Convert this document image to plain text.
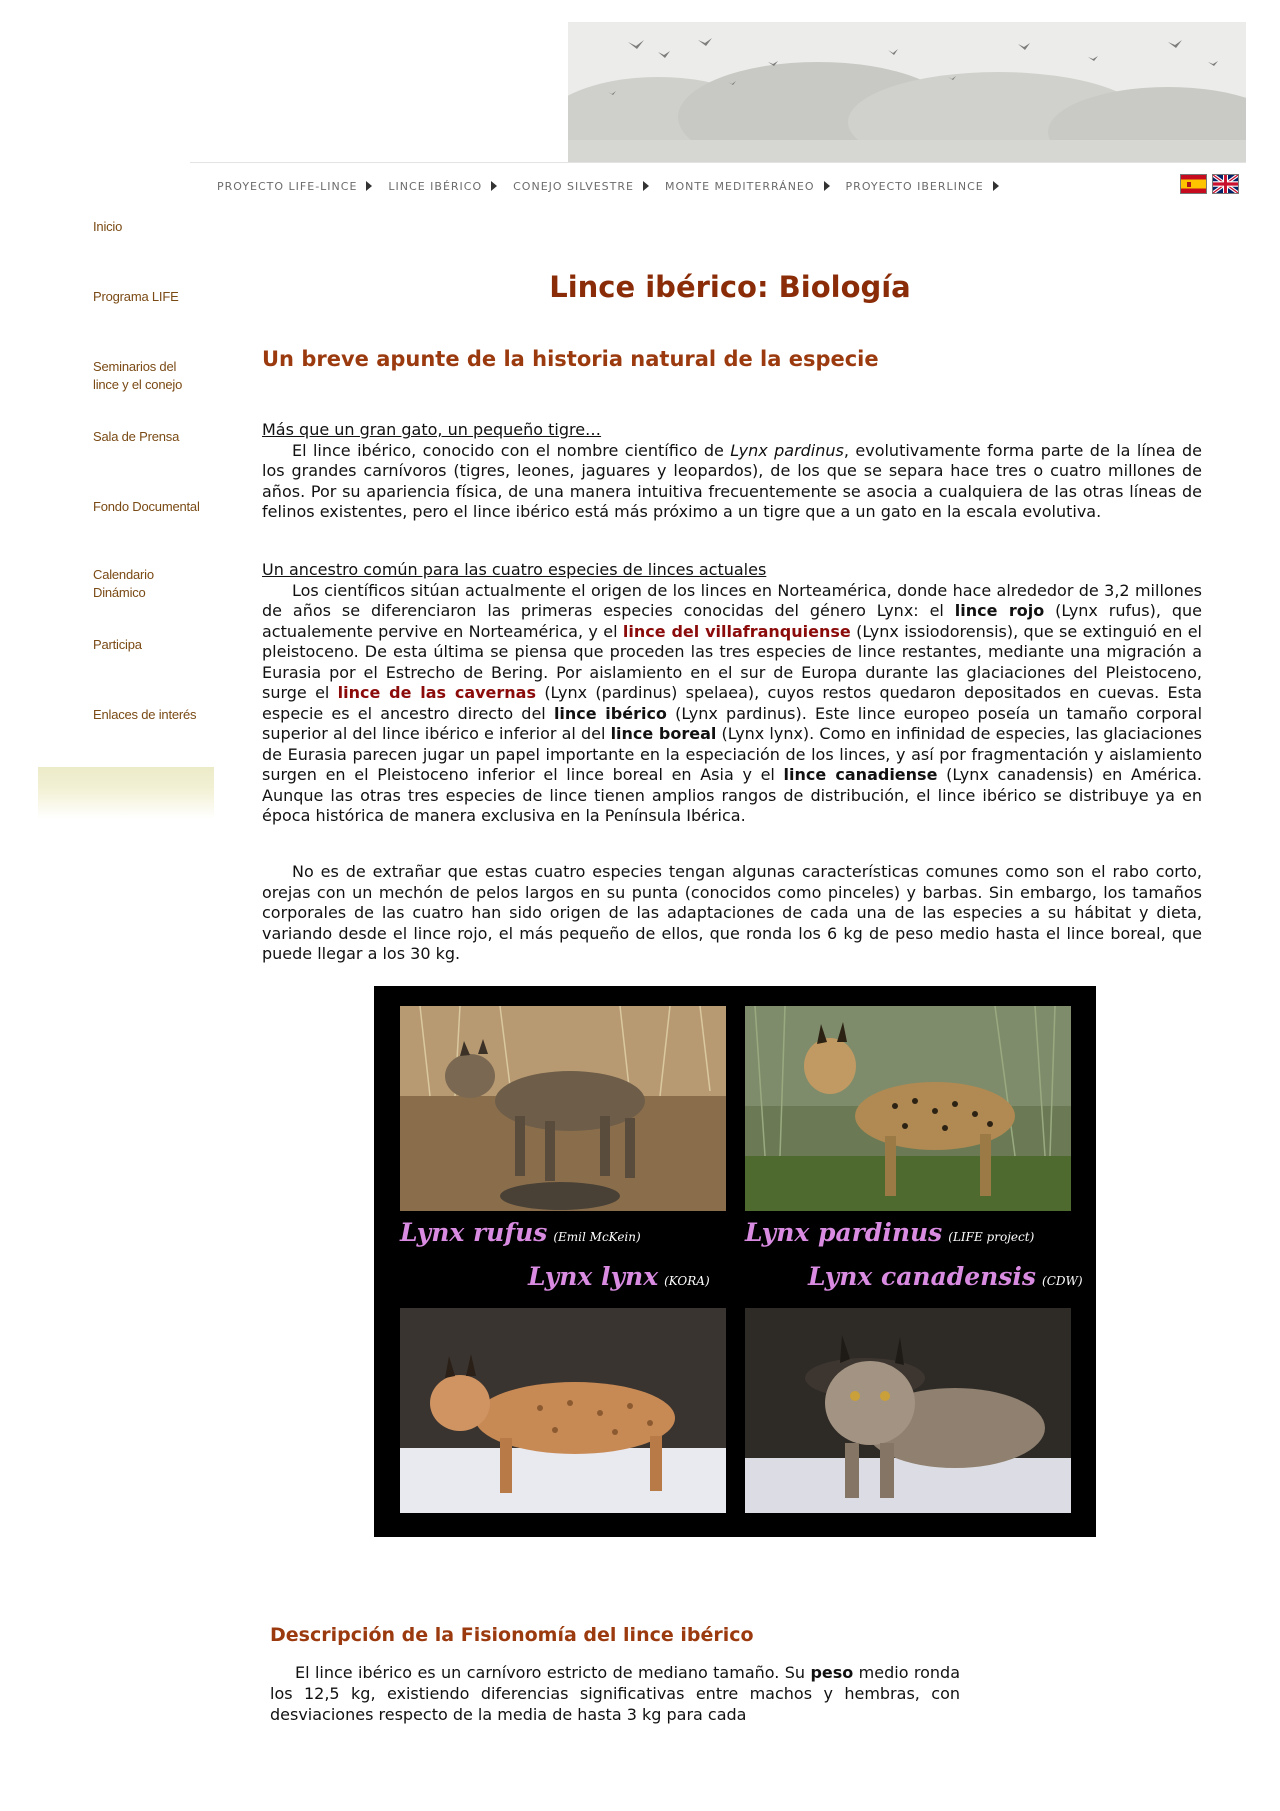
PROYECTO LIFE-LINCE	LINCE IBÉRICO	CONEJO SILVESTRE	MONTE MEDITERRÁNEO	PROYECTO IBERLINCE
Inicio
Programa LIFE
Seminarios del lince y el conejo
Sala de Prensa
Fondo Documental
Calendario Dinámico
Participa
Enlaces de interés
Lince ibérico: Biología
Un breve apunte de la historia natural de la especie
Más que un gran gato, un pequeño tigre…

El lince ibérico, conocido con el nombre científico de Lynx pardinus, evolutivamente forma parte de la línea de los grandes carnívoros (tigres, leones, jaguares y leopardos), de los que se separa hace tres o cuatro millones de años. Por su apariencia física, de una manera intuitiva frecuentemente se asocia a cualquiera de las otras líneas de felinos existentes, pero el lince ibérico está más próximo a un tigre que a un gato en la escala evolutiva.

Un ancestro común para las cuatro especies de linces actuales

Los científicos sitúan actualmente el origen de los linces en Norteamérica, donde hace alrededor de 3,2 millones de años se diferenciaron las primeras especies conocidas del género Lynx: el lince rojo (Lynx rufus), que actualemente pervive en Norteamérica, y el lince del villafranquiense (Lynx issiodorensis), que se extinguió en el pleistoceno. De esta última se piensa que proceden las tres especies de lince restantes, mediante una migración a Eurasia por el Estrecho de Bering. Por aislamiento en el sur de Europa durante las glaciaciones del Pleistoceno, surge el lince de las cavernas (Lynx (pardinus) spelaea), cuyos restos quedaron depositados en cuevas. Esta especie es el ancestro directo del lince ibérico (Lynx pardinus). Este lince europeo poseía un tamaño corporal superior al del lince ibérico e inferior al del lince boreal (Lynx lynx). Como en infinidad de especies, las glaciaciones de Eurasia parecen jugar un papel importante en la especiación de los linces, y así por fragmentación y aislamiento surgen en el Pleistoceno inferior el lince boreal en Asia y el lince canadiense (Lynx canadensis) en América. Aunque las otras tres especies de lince tienen amplios rangos de distribución, el lince ibérico se distribuye ya en época histórica de manera exclusiva en la Península Ibérica.

No es de extrañar que estas cuatro especies tengan algunas características comunes como son el rabo corto, orejas con un mechón de pelos largos en su punta (conocidos como pinceles) y barbas. Sin embargo, los tamaños corporales de las cuatro han sido origen de las adaptaciones de cada una de las especies a su hábitat y dieta, variando desde el lince rojo, el más pequeño de ellos, que ronda los 6 kg de peso medio hasta el lince boreal, que puede llegar a los 30 kg.

Lynx rufus (Emil McKein)	Lynx pardinus (LIFE project)
Lynx lynx (KORA)	Lynx canadensis (CDW)
Descripción de la Fisionomía del lince ibérico

El lince ibérico es un carnívoro estricto de mediano tamaño. Su peso medio ronda los 12,5 kg, existiendo diferencias significativas entre machos y hembras, con desviaciones respecto de la media de hasta 3 kg para cada
